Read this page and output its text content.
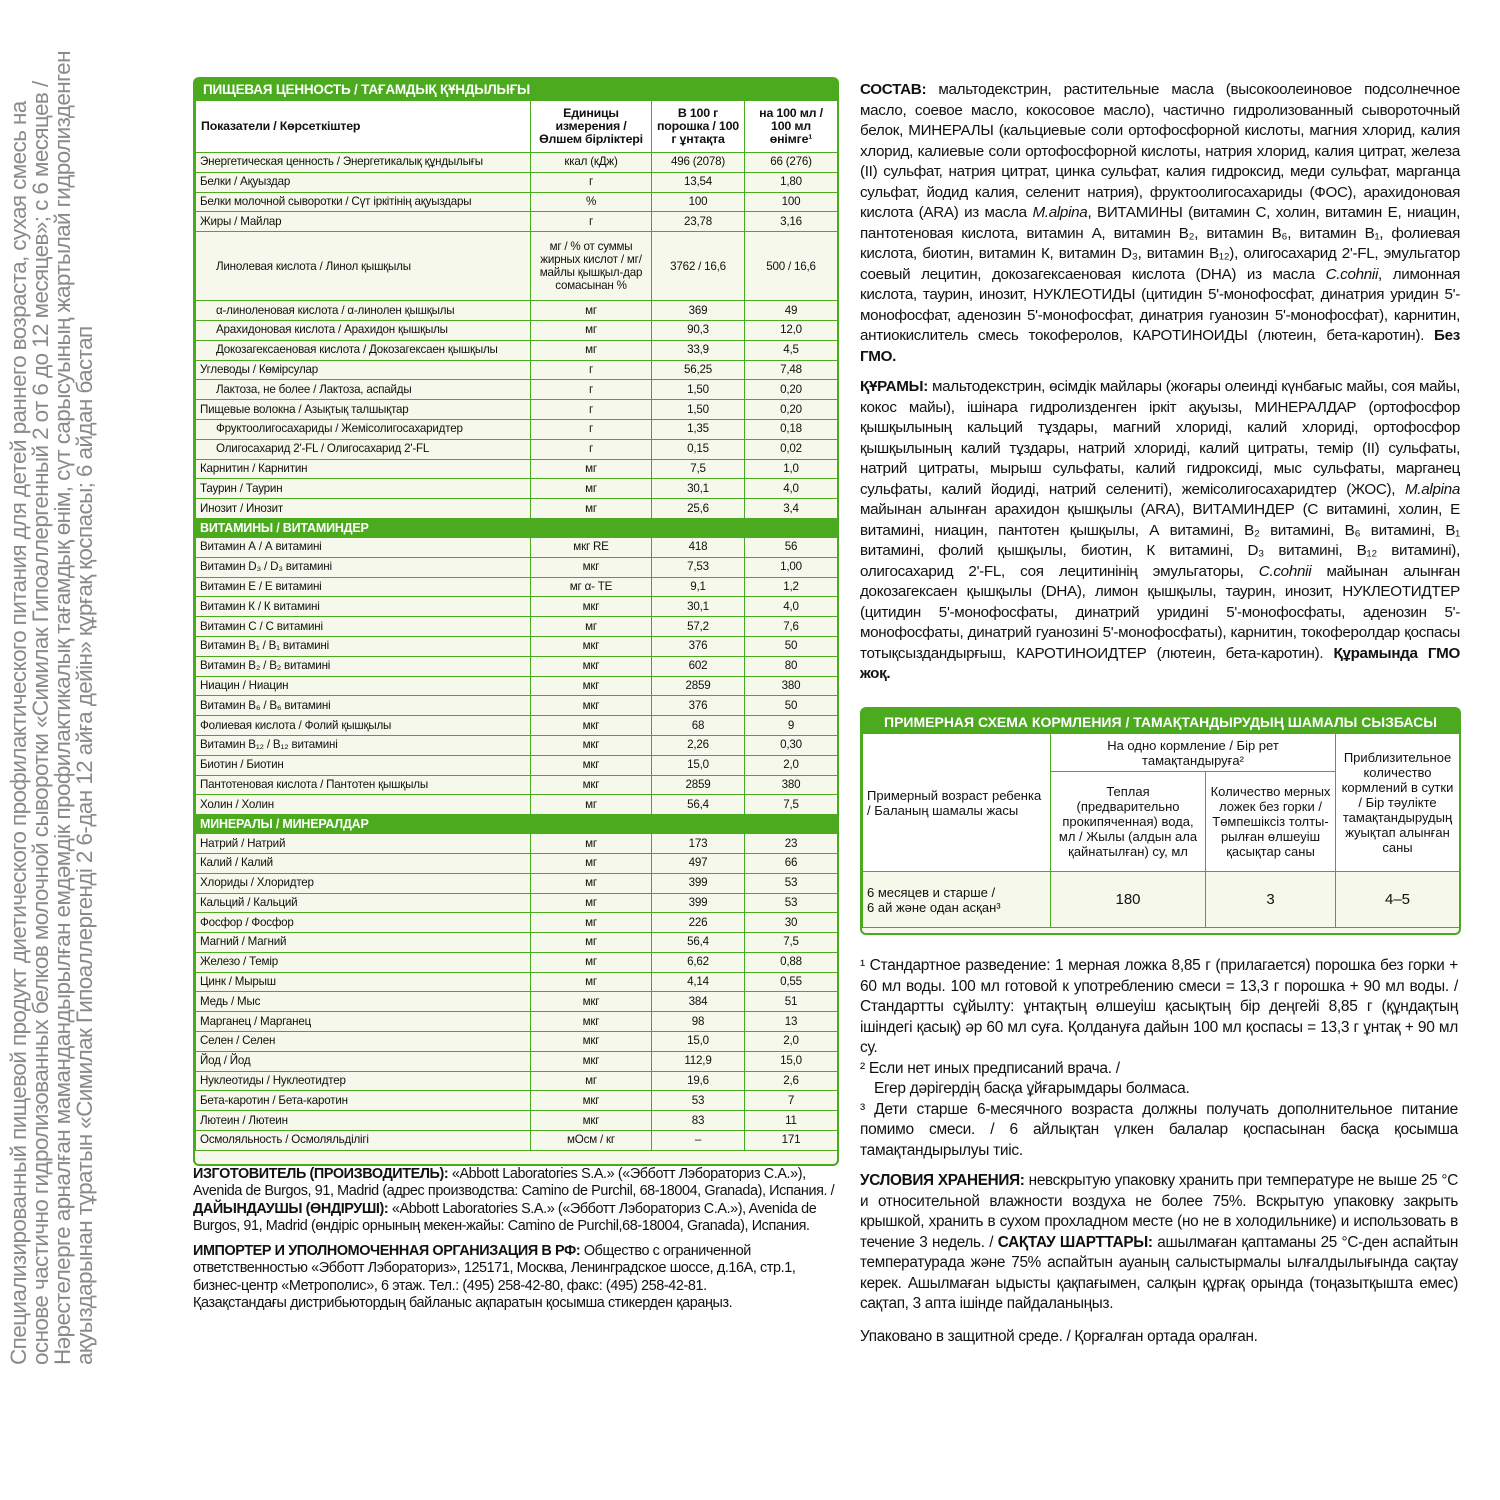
Специализированный пищевой продукт диетического профилактического питания для детей раннего возраста, сухая смесь на
основе частично гидролизованных белков молочной сыворотки «Симилак Гипоаллергенный 2 от 6 до 12 месяцев»; с 6 месяцев /
Нәрестелерге арналған мамандандырылған емдәмдік профилактикалық тағамдық өнім, сүт сарысуының жартылай гидролизденген
ақуыздарынан тұратын «Симилак Гипоаллергенді 2 6-дан 12 айға дейін» құрғақ қоспасы; 6 айдан бастап
ПИЩЕВАЯ ЦЕННОСТЬ / ТАҒАМДЫҚ ҚҰНДЫЛЫҒЫ
Показатели / Көрсеткіштер	Единицы измерения / Өлшем бірліктері	В 100 г порошка / 100 г ұнтақта	на 100 мл / 100 мл өнімге¹
Энергетическая ценность / Энергетикалық құндылығы	ккал (кДж)	496 (2078)	66 (276)
Белки / Ақуыздар	г	13,54	1,80
Белки молочной сыворотки / Сүт іркітінің ақуыздары	%	100	100
Жиры / Майлар	г	23,78	3,16
Линолевая кислота / Линол қышқылы	мг / % от суммы жирных кислот / мг/ майлы қышқыл-дар сомасынан %	3762 / 16,6	500 / 16,6
α-линоленовая кислота / α-линолен қышқылы	мг	369	49
Арахидоновая кислота / Арахидон қышқылы	мг	90,3	12,0
Докозагексаеновая кислота / Докозагексаен қышқылы	мг	33,9	4,5
Углеводы / Көмірсулар	г	56,25	7,48
Лактоза, не более / Лактоза, аспайды	г	1,50	0,20
Пищевые волокна / Азықтық талшықтар	г	1,50	0,20
Фруктоолигосахариды / Жемісолигосахаридтер	г	1,35	0,18
Олигосахарид 2'-FL / Олигосахарид 2'-FL	г	0,15	0,02
Карнитин / Карнитин	мг	7,5	1,0
Таурин / Таурин	мг	30,1	4,0
Инозит / Инозит	мг	25,6	3,4
ВИТАМИНЫ / ВИТАМИНДЕР			
Витамин А / А витамині	мкг RE	418	56
Витамин D₃ / D₃ витамині	мкг	7,53	1,00
Витамин Е / Е витамині	мг α- TE	9,1	1,2
Витамин К / К витамині	мкг	30,1	4,0
Витамин С / С витамині	мг	57,2	7,6
Витамин В₁ / В₁ витамині	мкг	376	50
Витамин В₂ / В₂ витамині	мкг	602	80
Ниацин / Ниацин	мкг	2859	380
Витамин В₆ / В₆ витамині	мкг	376	50
Фолиевая кислота / Фолий қышқылы	мкг	68	9
Витамин В₁₂ / В₁₂ витамині	мкг	2,26	0,30
Биотин / Биотин	мкг	15,0	2,0
Пантотеновая кислота / Пантотен қышқылы	мкг	2859	380
Холин / Холин	мг	56,4	7,5
МИНЕРАЛЫ / МИНЕРАЛДАР			
Натрий / Натрий	мг	173	23
Калий / Калий	мг	497	66
Хлориды / Хлоридтер	мг	399	53
Кальций / Кальций	мг	399	53
Фосфор / Фосфор	мг	226	30
Магний / Магний	мг	56,4	7,5
Железо / Темір	мг	6,62	0,88
Цинк / Мырыш	мг	4,14	0,55
Медь / Мыс	мкг	384	51
Марганец / Марганец	мкг	98	13
Селен / Селен	мкг	15,0	2,0
Йод / Йод	мкг	112,9	15,0
Нуклеотиды / Нуклеотидтер	мг	19,6	2,6
Бета-каротин / Бета-каротин	мкг	53	7
Лютеин / Лютеин	мкг	83	11
Осмоляльность / Осмоляльділігі	мОсм / кг	–	171

ИЗГОТОВИТЕЛЬ (ПРОИЗВОДИТЕЛЬ): «Abbott Laboratories S.A.» («Эбботт Лэбораториз С.А.»), Avenida de Burgos, 91, Madrid (адрес производства: Camino de Purchil, 68-18004, Granada), Испания. / ДАЙЫНДАУШЫ (ӨНДІРУШІ): «Abbott Laboratories S.A.» («Эбботт Лэбораториз С.А.»), Avenida de Burgos, 91, Madrid (өндіріс орнының мекен-жайы: Camino de Purchil,68-18004, Granada), Испания.

ИМПОРТЕР И УПОЛНОМОЧЕННАЯ ОРГАНИЗАЦИЯ В РФ: Общество с ограниченной ответственностью «Эбботт Лэбораториз», 125171, Москва, Ленинградское шоссе, д.16А, стр.1, бизнес-центр «Метрополис», 6 этаж. Тел.: (495) 258-42-80, факс: (495) 258-42-81.
Қазақстандағы дистрибьютордың байланыс ақпаратын қосымша стикерден қараңыз.

СОСТАВ: мальтодекстрин, растительные масла (высокоолеиновое подсолнечное масло, соевое масло, кокосовое масло), частично гидролизованный сывороточный белок, МИНЕРАЛЫ (кальциевые соли ортофосфорной кислоты, магния хлорид, калия хлорид, калиевые соли ортофосфорной кислоты, натрия хлорид, калия цитрат, железа (II) сульфат, натрия цитрат, цинка сульфат, калия гидроксид, меди сульфат, марганца сульфат, йодид калия, селенит натрия), фруктоолигосахариды (ФОС), арахидоновая кислота (ARA) из масла M.alpina, ВИТАМИНЫ (витамин С, холин, витамин Е, ниацин, пантотеновая кислота, витамин А, витамин В₂, витамин В₆, витамин В₁, фолиевая кислота, биотин, витамин К, витамин D₃, витамин В₁₂), олигосахарид 2'-FL, эмульгатор соевый лецитин, докозагексаеновая кислота (DHA) из масла C.cohnii, лимонная кислота, таурин, инозит, НУКЛЕОТИДЫ (цитидин 5'-монофосфат, динатрия уридин 5'-монофосфат, аденозин 5'-монофосфат, динатрия гуанозин 5'-монофосфат), карнитин, антиокислитель смесь токоферолов, КАРОТИНОИДЫ (лютеин, бета-каротин). Без ГМО.

ҚҰРАМЫ: мальтодекстрин, өсімдік майлары (жоғары олеинді күнбағыс майы, соя майы, кокос майы), ішінара гидролизденген іркіт ақуызы, МИНЕРАЛДАР (ортофосфор қышқылының кальций тұздары, магний хлориді, калий хлориді, ортофосфор қышқылының калий тұздары, натрий хлориді, калий цитраты, темір (II) сульфаты, натрий цитраты, мырыш сульфаты, калий гидроксиді, мыс сульфаты, марганец сульфаты, калий йодиді, натрий селениті), жемісолигосахаридтер (ЖОС), M.alpina майынан алынған арахидон қышқылы (ARA), ВИТАМИНДЕР (С витамині, холин, Е витамині, ниацин, пантотен қышқылы, А витамині, В₂ витамині, В₆ витамині, В₁ витамині, фолий қышқылы, биотин, К витамині, D₃ витамині, В₁₂ витамині), олигосахарид 2'-FL, соя лецитинінің эмульгаторы, C.cohnii майынан алынған докозагексаен қышқылы (DHA), лимон қышқылы, таурин, инозит, НУКЛЕОТИДТЕР (цитидин 5'-монофосфаты, динатрий уридині 5'-монофосфаты, аденозин 5'-монофосфаты, динатрий гуанозині 5'-монофосфаты), карнитин, токоферолдар қоспасы тотықсыздандырғыш, КАРОТИНОИДТЕР (лютеин, бета-каротин). Құрамында ГМО жоқ.

ПРИМЕРНАЯ СХЕМА КОРМЛЕНИЯ / ТАМАҚТАНДЫРУДЫҢ ШАМАЛЫ СЫЗБАСЫ
Примерный возраст ребенка / Баланың шамалы жасы	На одно кормление / Бір рет тамақтандыруға²		Приблизительное количество кормлений в сутки / Бір тәулікте тамақтандырудың жуықтап алынған саны
	Теплая (предварительно прокипяченная) вода, мл / Жылы (алдын ала қайнатылған) су, мл	Количество мерных ложек без горки / Төмпешіксіз толты-рылған өлшеуіш қасықтар саны	
6 месяцев и старше /
6 ай және одан асқан³	180	3	4–5

¹ Стандартное разведение: 1 мерная ложка 8,85 г (прилагается) порошка без горки + 60 мл воды. 100 мл готовой к употреблению смеси = 13,3 г порошка + 90 мл воды. / Стандартты сұйылту: ұнтақтың өлшеуіш қасықтың бір деңгейі 8,85 г (құндақтың ішіндегі қасық) әр 60 мл суға. Қолдануға дайын 100 мл қоспасы = 13,3 г ұнтақ + 90 мл су.

² Если нет иных предписаний врача. /

Егер дәрігердің басқа ұйғарымдары болмаса.

³ Дети старше 6-месячного возраста должны получать дополнительное питание помимо смеси. / 6 айлықтан үлкен балалар қоспасынан басқа қосымша тамақтандырылуы тиіс.

УСЛОВИЯ ХРАНЕНИЯ: невскрытую упаковку хранить при температуре не выше 25 °С и относительной влажности воздуха не более 75%. Вскрытую упаковку закрыть крышкой, хранить в сухом прохладном месте (но не в холодильнике) и использовать в течение 3 недель. / САҚТАУ ШАРТТАРЫ: ашылмаған қаптаманы 25 °С-ден аспайтын температурада және 75% аспайтын ауаның салыстырмалы ылғалдылығында сақтау керек. Ашылмаған ыдысты қақпағымен, салқын құрғақ орында (тоңазытқышта емес) сақтап, 3 апта ішінде пайдаланыңыз.

Упаковано в защитной среде. / Қорғалған ортада оралған.
